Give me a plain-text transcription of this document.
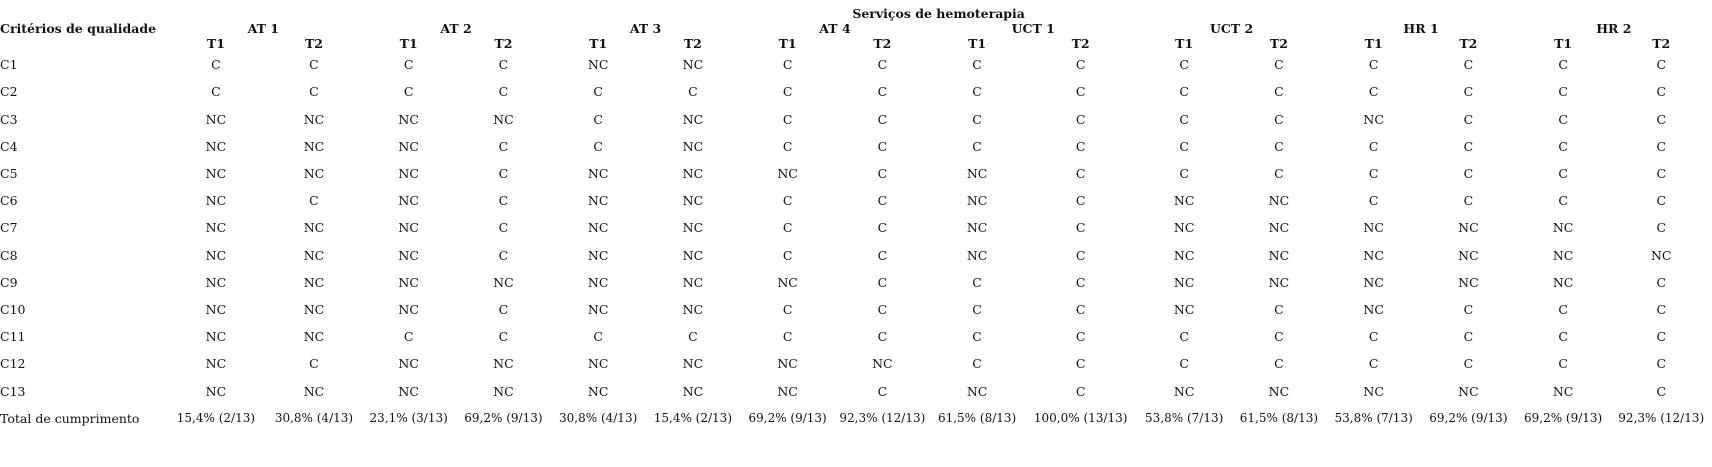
Critérios de qualidade	Serviços de hemoterapia															
	AT 1		AT 2		AT 3		AT 4		UCT 1		UCT 2		HR 1		HR 2	
	T1	T2	T1	T2	T1	T2	T1	T2	T1	T2	T1	T2	T1	T2	T1	T2
C1	C	C	C	C	NC	NC	C	C	C	C	C	C	C	C	C	C
C2	C	C	C	C	C	C	C	C	C	C	C	C	C	C	C	C
C3	NC	NC	NC	NC	C	NC	C	C	C	C	C	C	NC	C	C	C
C4	NC	NC	NC	C	C	NC	C	C	C	C	C	C	C	C	C	C
C5	NC	NC	NC	C	NC	NC	NC	C	NC	C	C	C	C	C	C	C
C6	NC	C	NC	C	NC	NC	C	C	NC	C	NC	NC	C	C	C	C
C7	NC	NC	NC	C	NC	NC	C	C	NC	C	NC	NC	NC	NC	NC	C
C8	NC	NC	NC	C	NC	NC	C	C	NC	C	NC	NC	NC	NC	NC	NC
C9	NC	NC	NC	NC	NC	NC	NC	C	C	C	NC	NC	NC	NC	NC	C
C10	NC	NC	NC	C	NC	NC	C	C	C	C	NC	C	NC	C	C	C
C11	NC	NC	C	C	C	C	C	C	C	C	C	C	C	C	C	C
C12	NC	C	NC	NC	NC	NC	NC	NC	C	C	C	C	C	C	C	C
C13	NC	NC	NC	NC	NC	NC	NC	C	NC	C	NC	NC	NC	NC	NC	C
Total de cumprimento	15,4% (2/13)	30,8% (4/13)	23,1% (3/13)	69,2% (9/13)	30,8% (4/13)	15,4% (2/13)	69,2% (9/13)	92,3% (12/13)	61,5% (8/13)	100,0% (13/13)	53,8% (7/13)	61,5% (8/13)	53,8% (7/13)	69,2% (9/13)	69,2% (9/13)	92,3% (12/13)
